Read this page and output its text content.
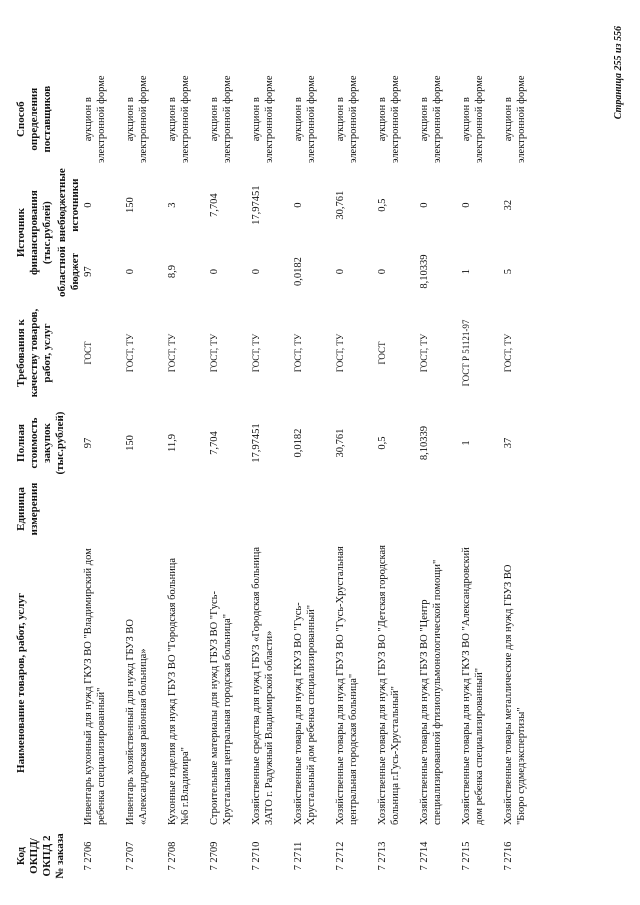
Код ОКПД/ ОКПД 2 № заказа	Наименование товаров, работ, услуг	Единица измерения	Полная стоимость закупок (тыс.рублей)	Требования к качеству товаров, работ, услуг	Источник финансирования (тыс.рублей)		Способ определения поставщиков
					областной бюджет	внебюджетные источники	
7 2706	Инвентарь кухонный для нужд ГКУЗ ВО "Владимирский дом ребенка специализированный"		97	ГОСТ	97	0	аукцион в электронной форме
7 2707	Инвентарь хозяйственный для нужд ГБУЗ ВО «Александровская районная больница»		150	ГОСТ, ТУ	0	150	аукцион в электронной форме
7 2708	Кухонные изделия для нужд ГБУЗ ВО "Городская больница №6 г.Владимира"		11,9	ГОСТ, ТУ	8,9	3	аукцион в электронной форме
7 2709	Строительные материалы для нужд ГБУЗ ВО "Гусь-Хрустальная центральная городская больница"		7,704	ГОСТ, ТУ	0	7,704	аукцион в электронной форме
7 2710	Хозяйственные средства для нужд ГБУЗ «Городская больница ЗАТО г. Радужный Владимирской области»		17,97451	ГОСТ, ТУ	0	17,97451	аукцион в электронной форме
7 2711	Хозяйственные товары для нужд ГКУЗ ВО "Гусь-Хрустальный дом ребенка специализированный"		0,0182	ГОСТ, ТУ	0,0182	0	аукцион в электронной форме
7 2712	Хозяйственные товары для нужд ГБУЗ ВО "Гусь-Хрустальная центральная городская больница"		30,761	ГОСТ, ТУ	0	30,761	аукцион в электронной форме
7 2713	Хозяйственные товары для нужд ГБУЗ ВО "Детская городская больница г.Гусь-Хрустальный"		0,5	ГОСТ	0	0,5	аукцион в электронной форме
7 2714	Хозяйственные товары для нужд ГБУЗ ВО "Центр специализированной фтизиопульмонологической помощи"		8,10339	ГОСТ, ТУ	8,10339	0	аукцион в электронной форме
7 2715	Хозяйственные товары для нужд ГКУЗ ВО "Александровский дом ребенка специализированный"		1	ГОСТ Р 51121-97	1	0	аукцион в электронной форме
7 2716	Хозяйственные товары металлические для нужд ГБУЗ ВО "Бюро судмедэкспертизы"		37	ГОСТ, ТУ	5	32	аукцион в электронной форме	Страница 255 из 556
